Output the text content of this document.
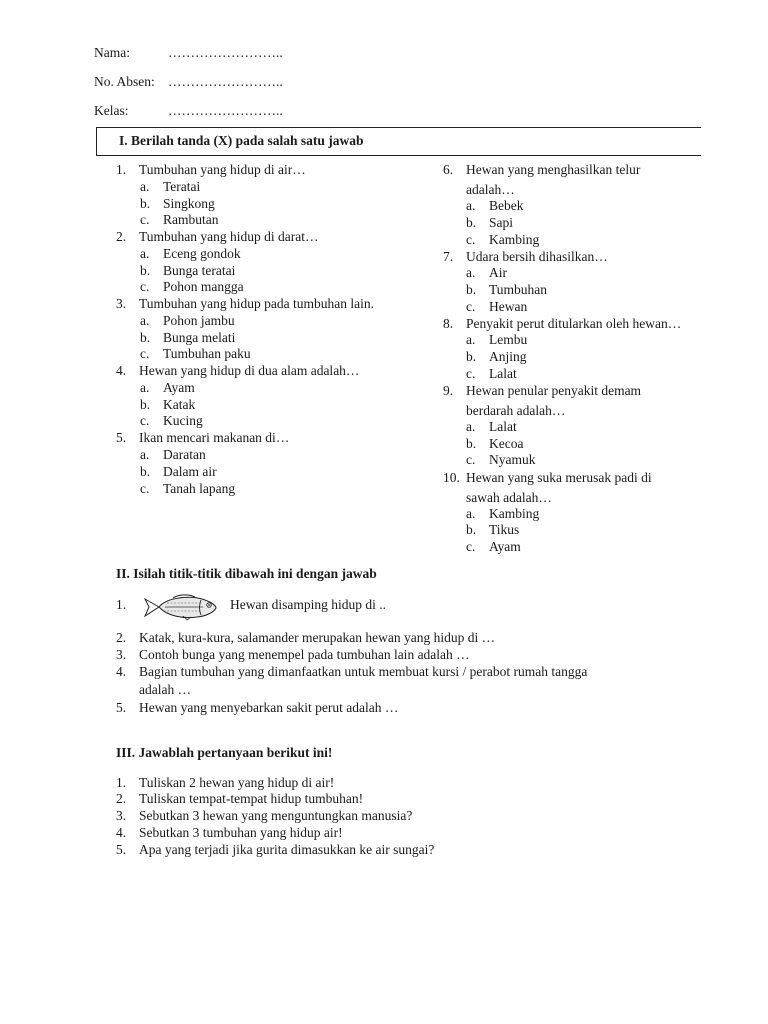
Nama:	……………………..
No. Absen: ……………………..
Kelas:	……………………..
I. Berilah tanda (X) pada salah satu jawab
1. Tumbuhan yang hidup di air…
a. Teratai
b. Singkong
c. Rambutan
2. Tumbuhan yang hidup di darat…
a. Eceng gondok
b. Bunga teratai
c. Pohon mangga
3. Tumbuhan yang hidup pada tumbuhan lain.
a. Pohon jambu
b. Bunga melati
c. Tumbuhan paku
4. Hewan yang hidup di dua alam adalah…
a. Ayam
b. Katak
c. Kucing
5. Ikan mencari makanan di…
a. Daratan
b. Dalam air
c. Tanah lapang
6. Hewan yang menghasilkan telur
adalah…
a. Bebek
b. Sapi
c. Kambing
7. Udara bersih dihasilkan…
a. Air
b. Tumbuhan
c. Hewan
8. Penyakit perut ditularkan oleh hewan…
a. Lembu
b. Anjing
c. Lalat
9. Hewan penular penyakit demam
berdarah adalah…
a. Lalat
b. Kecoa
c. Nyamuk
10. Hewan yang suka merusak padi di
sawah adalah…
a. Kambing
b. Tikus
c. Ayam
II. Isilah titik-titik dibawah ini dengan jawab
1.	Hewan disamping hidup di ..
2. Katak, kura-kura, salamander merupakan hewan yang hidup di …
3. Contoh bunga yang menempel pada tumbuhan lain adalah …
4. Bagian tumbuhan yang dimanfaatkan untuk membuat kursi / perabot rumah tangga
adalah …
5. Hewan yang menyebarkan sakit perut adalah …
III. Jawablah pertanyaan berikut ini!
1. Tuliskan 2 hewan yang hidup di air!
2. Tuliskan tempat-tempat hidup tumbuhan!
3. Sebutkan 3 hewan yang menguntungkan manusia?
4. Sebutkan 3 tumbuhan yang hidup air!
5. Apa yang terjadi jika gurita dimasukkan ke air sungai?
